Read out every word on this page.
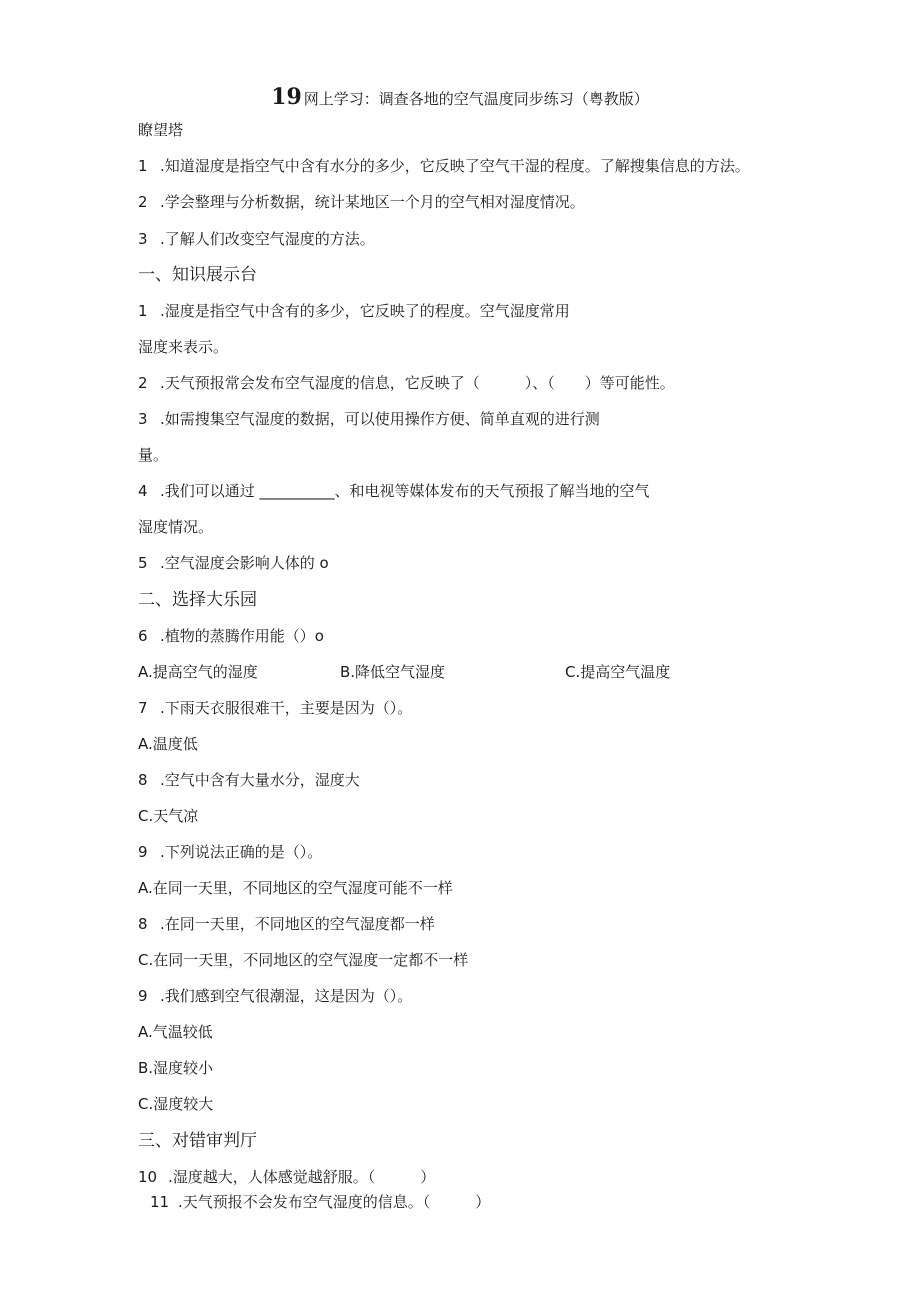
19 网上学习：调查各地的空气温度同步练习（粤教版）
瞭望塔
1 .知道湿度是指空气中含有水分的多少，它反映了空气干湿的程度。了解搜集信息的方法。
2 .学会整理与分析数据，统计某地区一个月的空气相对湿度情况。
3 .了解人们改变空气湿度的方法。
一、知识展示台
1 .湿度是指空气中含有的多少，它反映了的程度。空气湿度常用
湿度来表示。
2 .天气预报常会发布空气湿度的信息，它反映了（　　　）、（　　）等可能性。
3 .如需搜集空气湿度的数据，可以使用操作方便、简单直观的进行测
量。
4 .我们可以通过 __________、和电视等媒体发布的天气预报了解当地的空气
湿度情况。
5 .空气湿度会影响人体的 o
二、选择大乐园
6 .植物的蒸腾作用能（）o
A.提高空气的湿度	B.降低空气湿度	C.提高空气温度
7 .下雨天衣服很难干，主要是因为（）。
A.温度低
8 .空气中含有大量水分，湿度大
C.天气凉
9 .下列说法正确的是（）。
A.在同一天里，不同地区的空气湿度可能不一样
8 .在同一天里，不同地区的空气湿度都一样
C.在同一天里，不同地区的空气湿度一定都不一样
9 .我们感到空气很潮湿，这是因为（）。
A.气温较低
B.湿度较小
C.湿度较大
三、对错审判厅
10 .湿度越大，人体感觉越舒服。（　　　）
11 .天气预报不会发布空气湿度的信息。（　　　）
